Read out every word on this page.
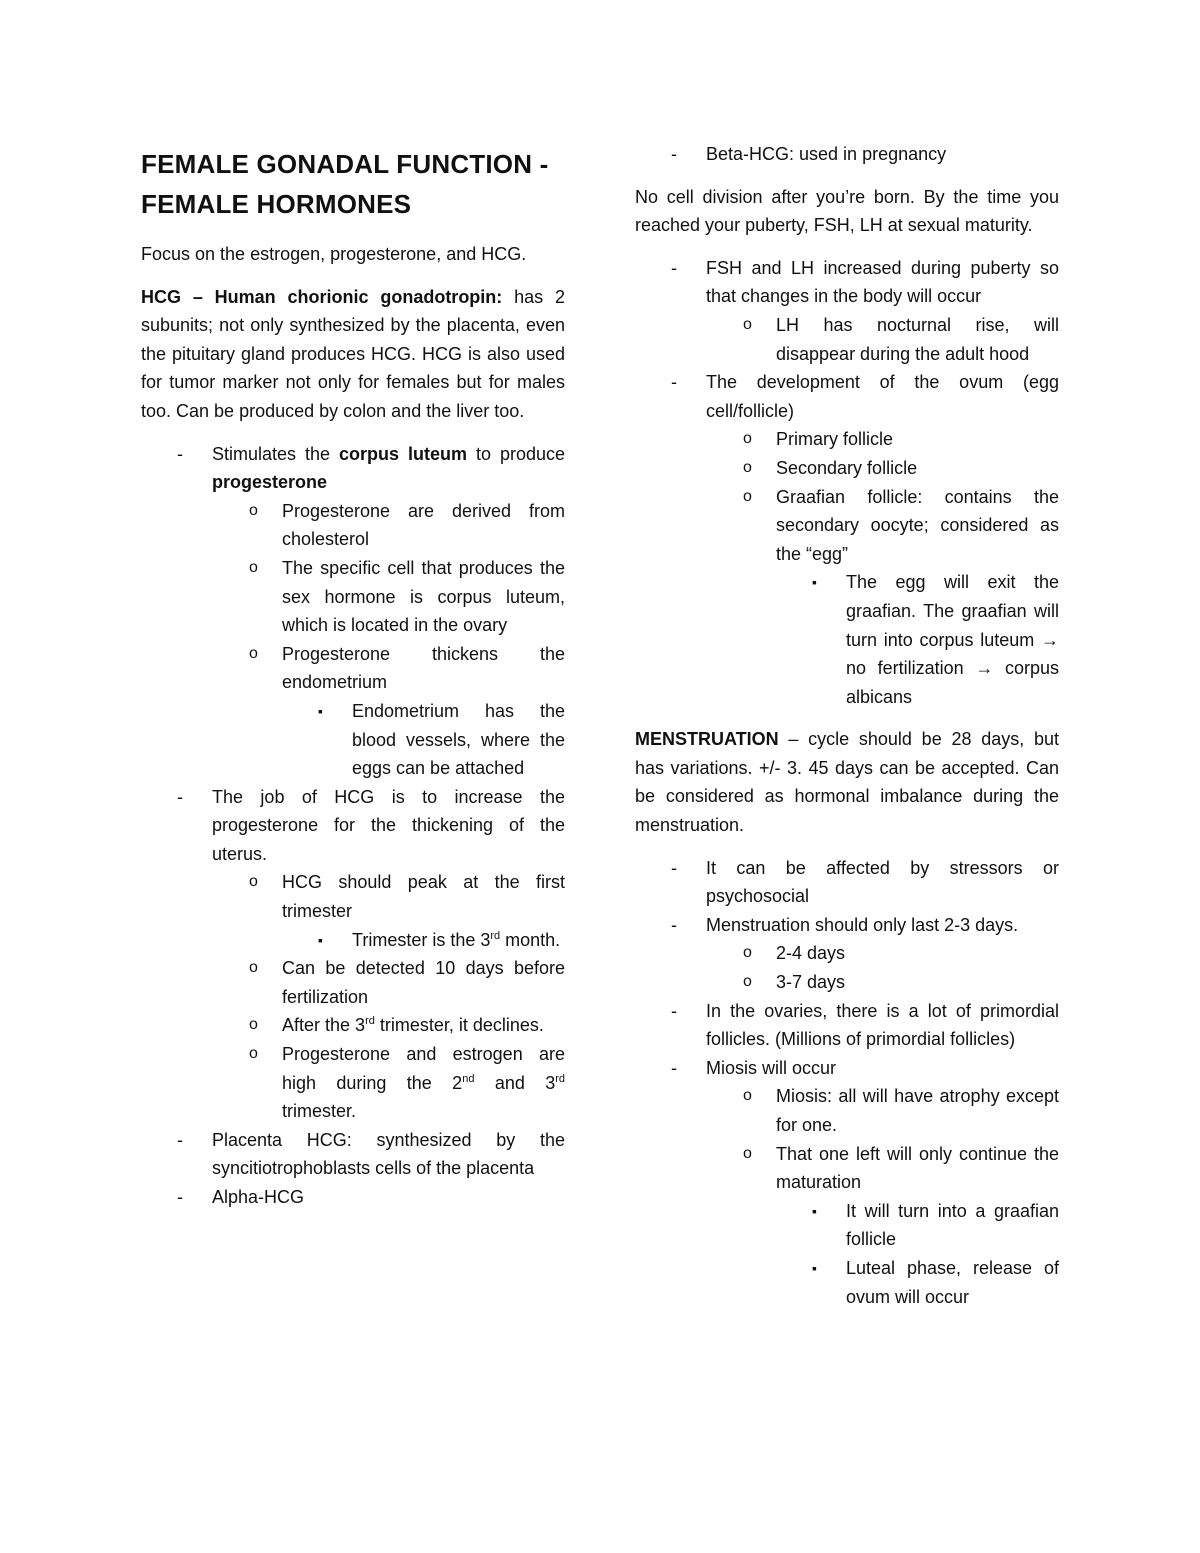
FEMALE GONADAL FUNCTION -
FEMALE HORMONES

Focus on the estrogen, progesterone, and HCG.

HCG – Human chorionic gonadotropin: has 2 subunits; not only synthesized by the placenta, even the pituitary gland produces HCG. HCG is also used for tumor marker not only for females but for males too. Can be produced by colon and the liver too.

- Stimulates the corpus luteum to produce progesterone
o Progesterone are derived from cholesterol
o The specific cell that produces the sex hormone is corpus luteum, which is located in the ovary
o Progesterone thickens the endometrium
▪ Endometrium has the blood vessels, where the eggs can be attached
- The job of HCG is to increase the progesterone for the thickening of the uterus.
o HCG should peak at the first trimester
▪ Trimester is the 3rd month.
o Can be detected 10 days before fertilization
o After the 3rd trimester, it declines.
o Progesterone and estrogen are high during the 2nd and 3rd trimester.
- Placenta HCG: synthesized by the syncitiotrophoblasts cells of the placenta
- Alpha-HCG
- Beta-HCG: used in pregnancy

No cell division after you’re born. By the time you reached your puberty, FSH, LH at sexual maturity.

- FSH and LH increased during puberty so that changes in the body will occur
o LH has nocturnal rise, will disappear during the adult hood
- The development of the ovum (egg cell/follicle)
o Primary follicle
o Secondary follicle
o Graafian follicle: contains the secondary oocyte; considered as the “egg”
▪ The egg will exit the graafian. The graafian will turn into corpus luteum → no fertilization → corpus albicans

MENSTRUATION – cycle should be 28 days, but has variations. +/- 3. 45 days can be accepted. Can be considered as hormonal imbalance during the menstruation.

- It can be affected by stressors or psychosocial
- Menstruation should only last 2-3 days.
o 2-4 days
o 3-7 days
- In the ovaries, there is a lot of primordial follicles. (Millions of primordial follicles)
- Miosis will occur
o Miosis: all will have atrophy except for one.
o That one left will only continue the maturation
▪ It will turn into a graafian follicle
▪ Luteal phase, release of ovum will occur
